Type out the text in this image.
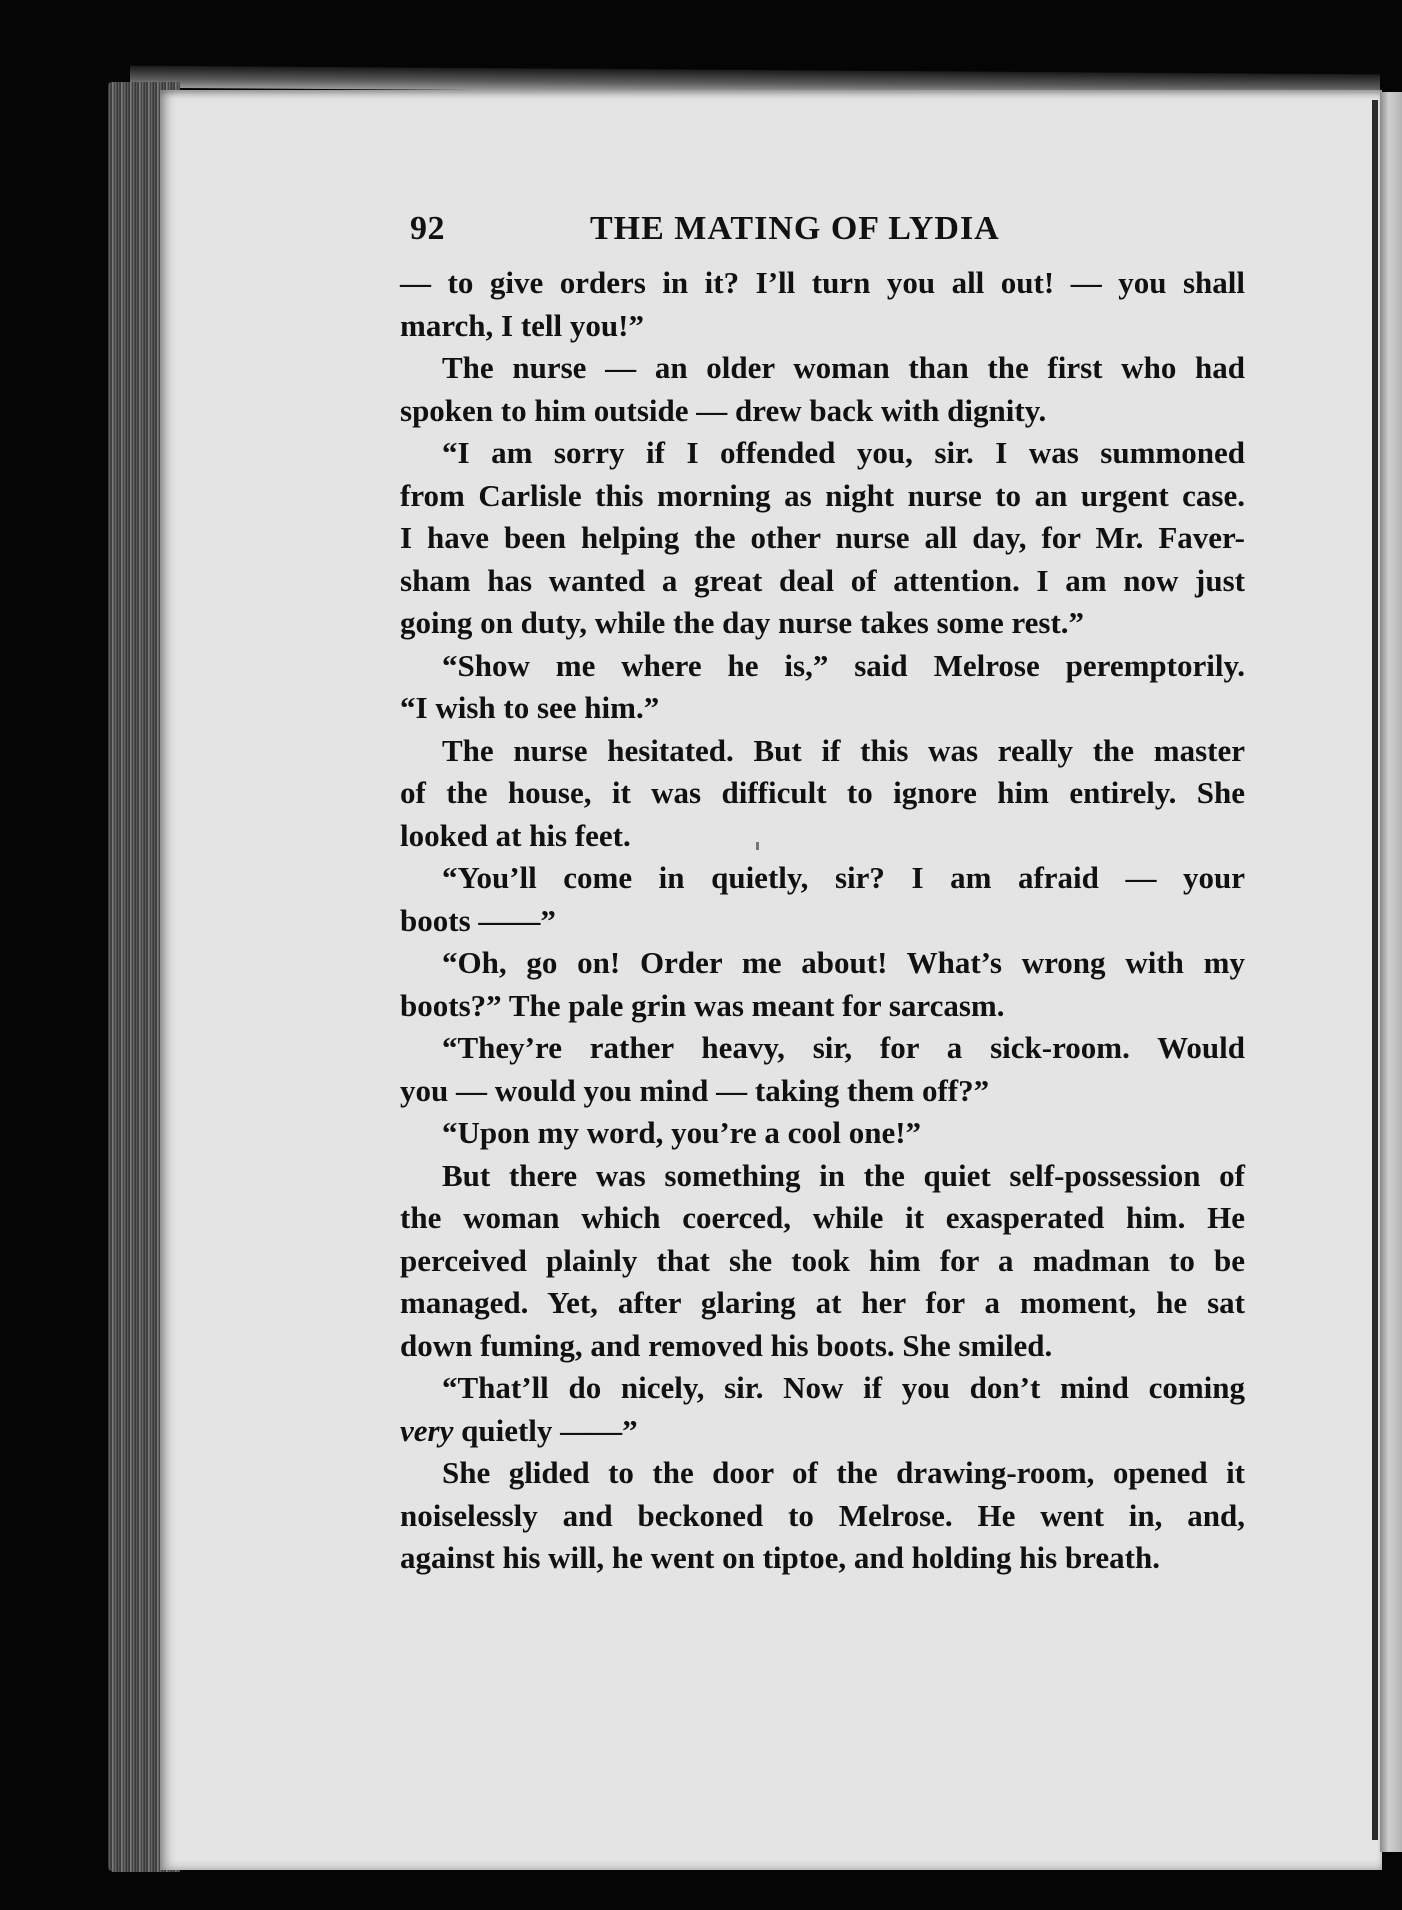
92	THE MATING OF LYDIA
— to give orders in it? I’ll turn you all out! — you shall
march, I tell you!”
The nurse — an older woman than the first who had
spoken to him outside — drew back with dignity.
“I am sorry if I offended you, sir. I was summoned
from Carlisle this morning as night nurse to an urgent case.
I have been helping the other nurse all day, for Mr. Faver-
sham has wanted a great deal of attention. I am now just
going on duty, while the day nurse takes some rest.”
“Show me where he is,” said Melrose peremptorily.
“I wish to see him.”
The nurse hesitated. But if this was really the master
of the house, it was difficult to ignore him entirely. She
looked at his feet.
“You’ll come in quietly, sir? I am afraid — your
boots ——”
“Oh, go on! Order me about! What’s wrong with my
boots?” The pale grin was meant for sarcasm.
“They’re rather heavy, sir, for a sick-room. Would
you — would you mind — taking them off?”
“Upon my word, you’re a cool one!”
But there was something in the quiet self-possession of
the woman which coerced, while it exasperated him. He
perceived plainly that she took him for a madman to be
managed. Yet, after glaring at her for a moment, he sat
down fuming, and removed his boots. She smiled.
“That’ll do nicely, sir. Now if you don’t mind coming
very quietly ——”
She glided to the door of the drawing-room, opened it
noiselessly and beckoned to Melrose. He went in, and,
against his will, he went on tiptoe, and holding his breath.
